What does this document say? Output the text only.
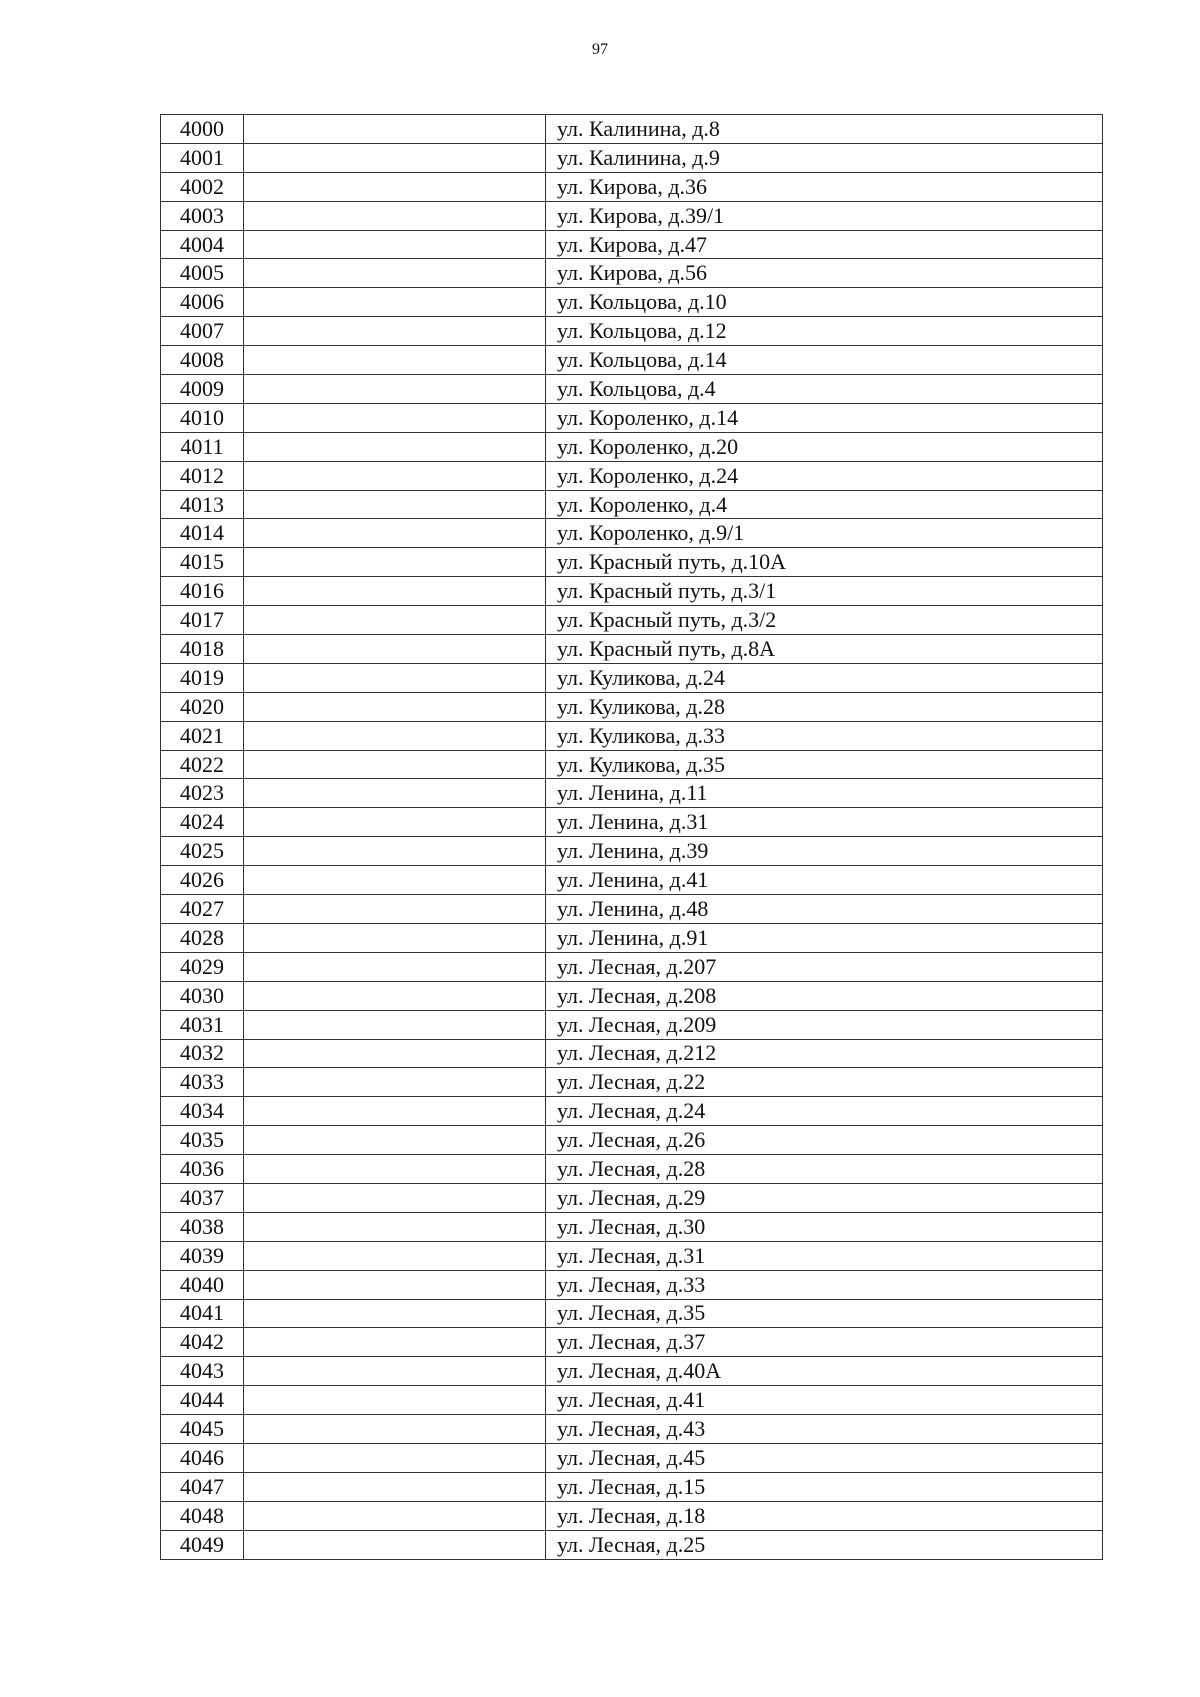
97
4000		ул. Калинина, д.8
4001		ул. Калинина, д.9
4002		ул. Кирова, д.36
4003		ул. Кирова, д.39/1
4004		ул. Кирова, д.47
4005		ул. Кирова, д.56
4006		ул. Кольцова, д.10
4007		ул. Кольцова, д.12
4008		ул. Кольцова, д.14
4009		ул. Кольцова, д.4
4010		ул. Короленко, д.14
4011		ул. Короленко, д.20
4012		ул. Короленко, д.24
4013		ул. Короленко, д.4
4014		ул. Короленко, д.9/1
4015		ул. Красный путь, д.10А
4016		ул. Красный путь, д.3/1
4017		ул. Красный путь, д.3/2
4018		ул. Красный путь, д.8А
4019		ул. Куликова, д.24
4020		ул. Куликова, д.28
4021		ул. Куликова, д.33
4022		ул. Куликова, д.35
4023		ул. Ленина, д.11
4024		ул. Ленина, д.31
4025		ул. Ленина, д.39
4026		ул. Ленина, д.41
4027		ул. Ленина, д.48
4028		ул. Ленина, д.91
4029		ул. Лесная, д.207
4030		ул. Лесная, д.208
4031		ул. Лесная, д.209
4032		ул. Лесная, д.212
4033		ул. Лесная, д.22
4034		ул. Лесная, д.24
4035		ул. Лесная, д.26
4036		ул. Лесная, д.28
4037		ул. Лесная, д.29
4038		ул. Лесная, д.30
4039		ул. Лесная, д.31
4040		ул. Лесная, д.33
4041		ул. Лесная, д.35
4042		ул. Лесная, д.37
4043		ул. Лесная, д.40А
4044		ул. Лесная, д.41
4045		ул. Лесная, д.43
4046		ул. Лесная, д.45
4047		ул. Лесная, д.15
4048		ул. Лесная, д.18
4049		ул. Лесная, д.25
